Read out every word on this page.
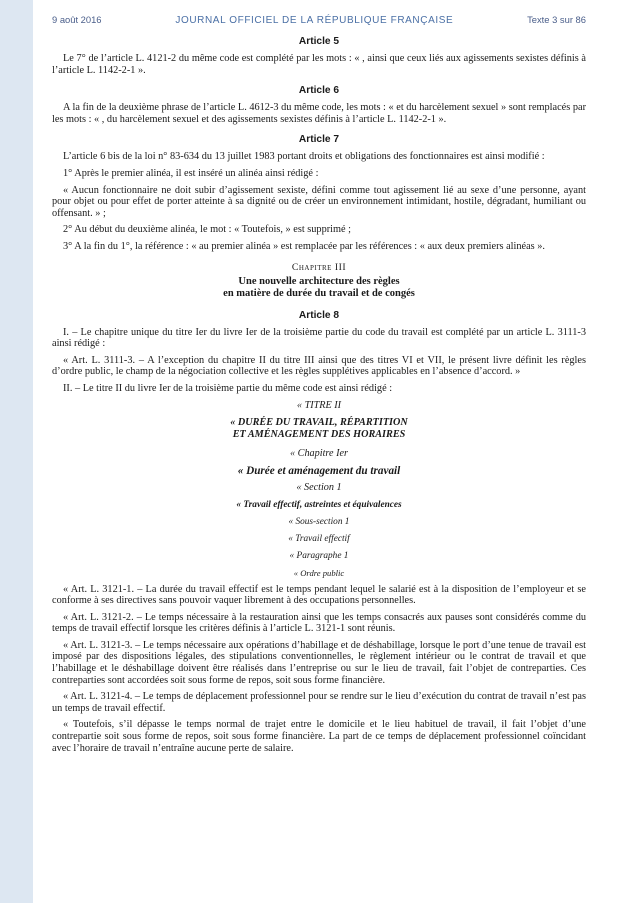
9 août 2016	JOURNAL OFFICIEL DE LA RÉPUBLIQUE FRANÇAISE	Texte 3 sur 86
Article 5

Le 7° de l’article L. 4121-2 du même code est complété par les mots : « , ainsi que ceux liés aux agissements sexistes définis à l’article L. 1142-2-1 ».

Article 6

A la fin de la deuxième phrase de l’article L. 4612-3 du même code, les mots : « et du harcèlement sexuel » sont remplacés par les mots : « , du harcèlement sexuel et des agissements sexistes définis à l’article L. 1142-2-1 ».

Article 7

L’article 6 bis de la loi n° 83-634 du 13 juillet 1983 portant droits et obligations des fonctionnaires est ainsi modifié :

1° Après le premier alinéa, il est inséré un alinéa ainsi rédigé :

« Aucun fonctionnaire ne doit subir d’agissement sexiste, défini comme tout agissement lié au sexe d’une personne, ayant pour objet ou pour effet de porter atteinte à sa dignité ou de créer un environnement intimidant, hostile, dégradant, humiliant ou offensant. » ;

2° Au début du deuxième alinéa, le mot : « Toutefois, » est supprimé ;

3° A la fin du 1°, la référence : « au premier alinéa » est remplacée par les références : « aux deux premiers alinéas ».

Chapitre III
Une nouvelle architecture des règles
en matière de durée du travail et de congés
Article 8

I. – Le chapitre unique du titre Ier du livre Ier de la troisième partie du code du travail est complété par un article L. 3111-3 ainsi rédigé :

« Art. L. 3111-3. – A l’exception du chapitre II du titre III ainsi que des titres VI et VII, le présent livre définit les règles d’ordre public, le champ de la négociation collective et les règles supplétives applicables en l’absence d’accord. »

II. – Le titre II du livre Ier de la troisième partie du même code est ainsi rédigé :

« TITRE II
« DURÉE DU TRAVAIL, RÉPARTITION
ET AMÉNAGEMENT DES HORAIRES
« Chapitre Ier
« Durée et aménagement du travail
« Section 1
« Travail effectif, astreintes et équivalences
« Sous-section 1
« Travail effectif
« Paragraphe 1
« Ordre public

« Art. L. 3121-1. – La durée du travail effectif est le temps pendant lequel le salarié est à la disposition de l’employeur et se conforme à ses directives sans pouvoir vaquer librement à des occupations personnelles.

« Art. L. 3121-2. – Le temps nécessaire à la restauration ainsi que les temps consacrés aux pauses sont considérés comme du temps de travail effectif lorsque les critères définis à l’article L. 3121-1 sont réunis.

« Art. L. 3121-3. – Le temps nécessaire aux opérations d’habillage et de déshabillage, lorsque le port d’une tenue de travail est imposé par des dispositions légales, des stipulations conventionnelles, le règlement intérieur ou le contrat de travail et que l’habillage et le déshabillage doivent être réalisés dans l’entreprise ou sur le lieu de travail, fait l’objet de contreparties. Ces contreparties sont accordées soit sous forme de repos, soit sous forme financière.

« Art. L. 3121-4. – Le temps de déplacement professionnel pour se rendre sur le lieu d’exécution du contrat de travail n’est pas un temps de travail effectif.

« Toutefois, s’il dépasse le temps normal de trajet entre le domicile et le lieu habituel de travail, il fait l’objet d’une contrepartie soit sous forme de repos, soit sous forme financière. La part de ce temps de déplacement professionnel coïncidant avec l’horaire de travail n’entraîne aucune perte de salaire.
